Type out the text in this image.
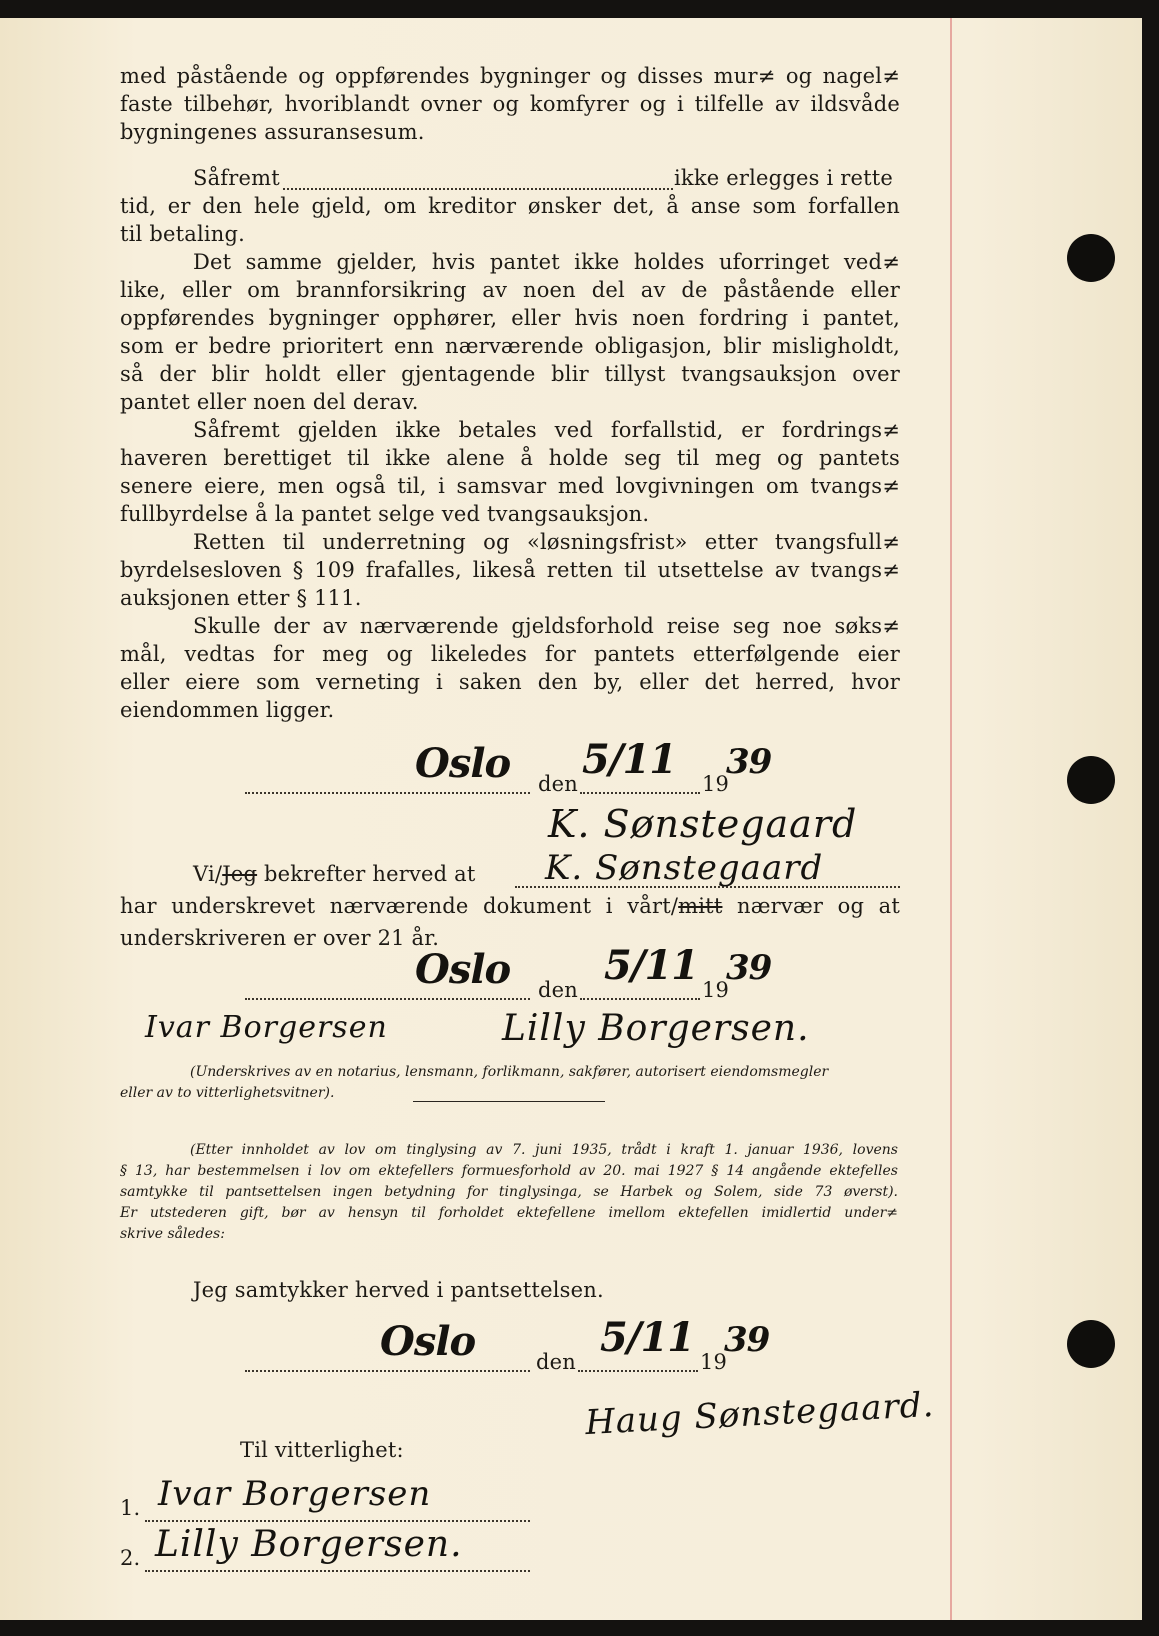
med påstående og oppførendes bygninger og disses mur≠ og nagel≠
faste tilbehør, hvoriblandt ovner og komfyrer og i tilfelle av ildsvåde
bygningenes assuransesum.
Såfremt	ikke erlegges i rette
tid, er den hele gjeld, om kreditor ønsker det, å anse som forfallen
til betaling.
Det samme gjelder, hvis pantet ikke holdes uforringet ved≠
like, eller om brannforsikring av noen del av de påstående eller
oppførendes bygninger opphører, eller hvis noen fordring i pantet,
som er bedre prioritert enn nærværende obligasjon, blir misligholdt,
så der blir holdt eller gjentagende blir tillyst tvangsauksjon over
pantet eller noen del derav.
Såfremt gjelden ikke betales ved forfallstid, er fordrings≠
haveren berettiget til ikke alene å holde seg til meg og pantets
senere eiere, men også til, i samsvar med lovgivningen om tvangs≠
fullbyrdelse å la pantet selge ved tvangsauksjon.
Retten til underretning og «løsningsfrist» etter tvangsfull≠
byrdelsesloven § 109 frafalles, likeså retten til utsettelse av tvangs≠
auksjonen etter § 111.
Skulle der av nærværende gjeldsforhold reise seg noe søks≠
mål, vedtas for meg og likeledes for pantets etterfølgende eier
eller eiere som verneting i saken den by, eller det herred, hvor
eiendommen ligger.
Oslo den
5/11
19
39
K. Sønstegaard
Vi/Jeg bekrefter herved at K. Sønstegaard
har underskrevet nærværende dokument i vårt/mitt nærvær og at
underskriveren er over 21 år.
Oslo den
5/11
19
39
Ivar Borgersen	Lilly Borgersen.
(Underskrives av en notarius, lensmann, forlikmann, sakfører, autorisert eiendomsmegler
eller av to vitterlighetsvitner).
(Etter innholdet av lov om tinglysing av 7. juni 1935, trådt i kraft 1. januar 1936, lovens
§ 13, har bestemmelsen i lov om ektefellers formuesforhold av 20. mai 1927 § 14 angående ektefelles
samtykke til pantsettelsen ingen betydning for tinglysinga, se Harbek og Solem, side 73 øverst).
Er utstederen gift, bør av hensyn til forholdet ektefellene imellom ektefellen imidlertid under≠
skrive således:
Jeg samtykker herved i pantsettelsen.
Oslo	den
5/11
19
39
Haug Sønstegaard.
Til vitterlighet:
1. Ivar Borgersen
2. Lilly Borgersen.
